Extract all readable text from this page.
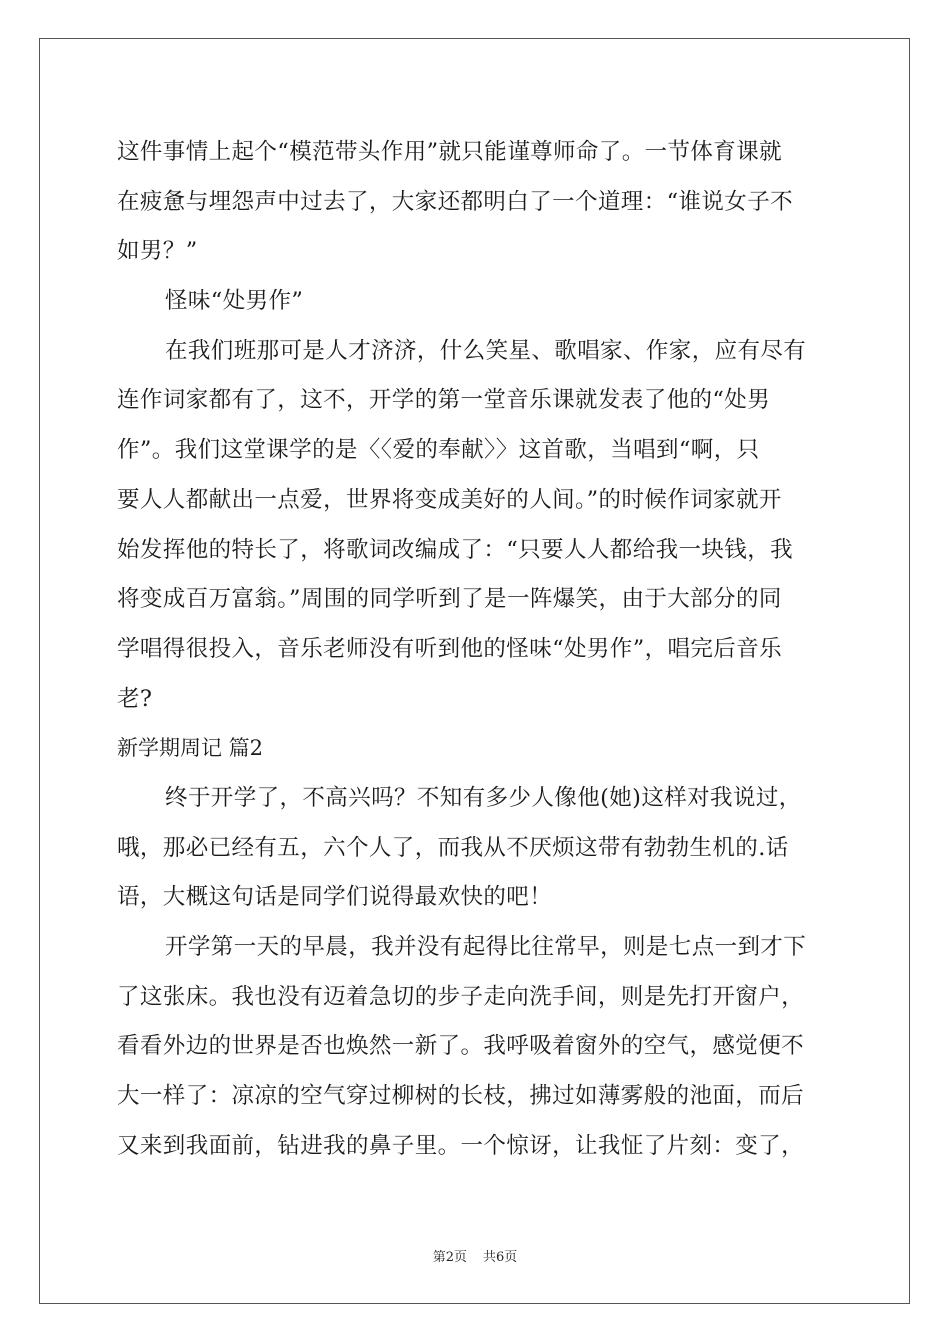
这件事情上起个“模范带头作用”就只能谨尊师命了。一节体育课就
在疲惫与埋怨声中过去了，大家还都明白了一个道理：“谁说女子不
如男？”
怪味“处男作”
在我们班那可是人才济济，什么笑星、歌唱家、作家，应有尽有
连作词家都有了，这不，开学的第一堂音乐课就发表了他的“处男
作”。我们这堂课学的是〈〈爱的奉献〉〉这首歌，当唱到“啊，只
要人人都献出一点爱，世界将变成美好的人间。”的时候作词家就开
始发挥他的特长了，将歌词改编成了：“只要人人都给我一块钱，我
将变成百万富翁。”周围的同学听到了是一阵爆笑，由于大部分的同
学唱得很投入，音乐老师没有听到他的怪味“处男作”，唱完后音乐
老?
新学期周记 篇2
终于开学了，不高兴吗？不知有多少人像他(她)这样对我说过，
哦，那必已经有五，六个人了，而我从不厌烦这带有勃勃生机的.话
语，大概这句话是同学们说得最欢快的吧！
开学第一天的早晨，我并没有起得比往常早，则是七点一到才下
了这张床。我也没有迈着急切的步子走向洗手间，则是先打开窗户，
看看外边的世界是否也焕然一新了。我呼吸着窗外的空气，感觉便不
大一样了：凉凉的空气穿过柳树的长枝，拂过如薄雾般的池面，而后
又来到我面前，钻进我的鼻子里。一个惊讶，让我怔了片刻：变了，
第2页 共6页
